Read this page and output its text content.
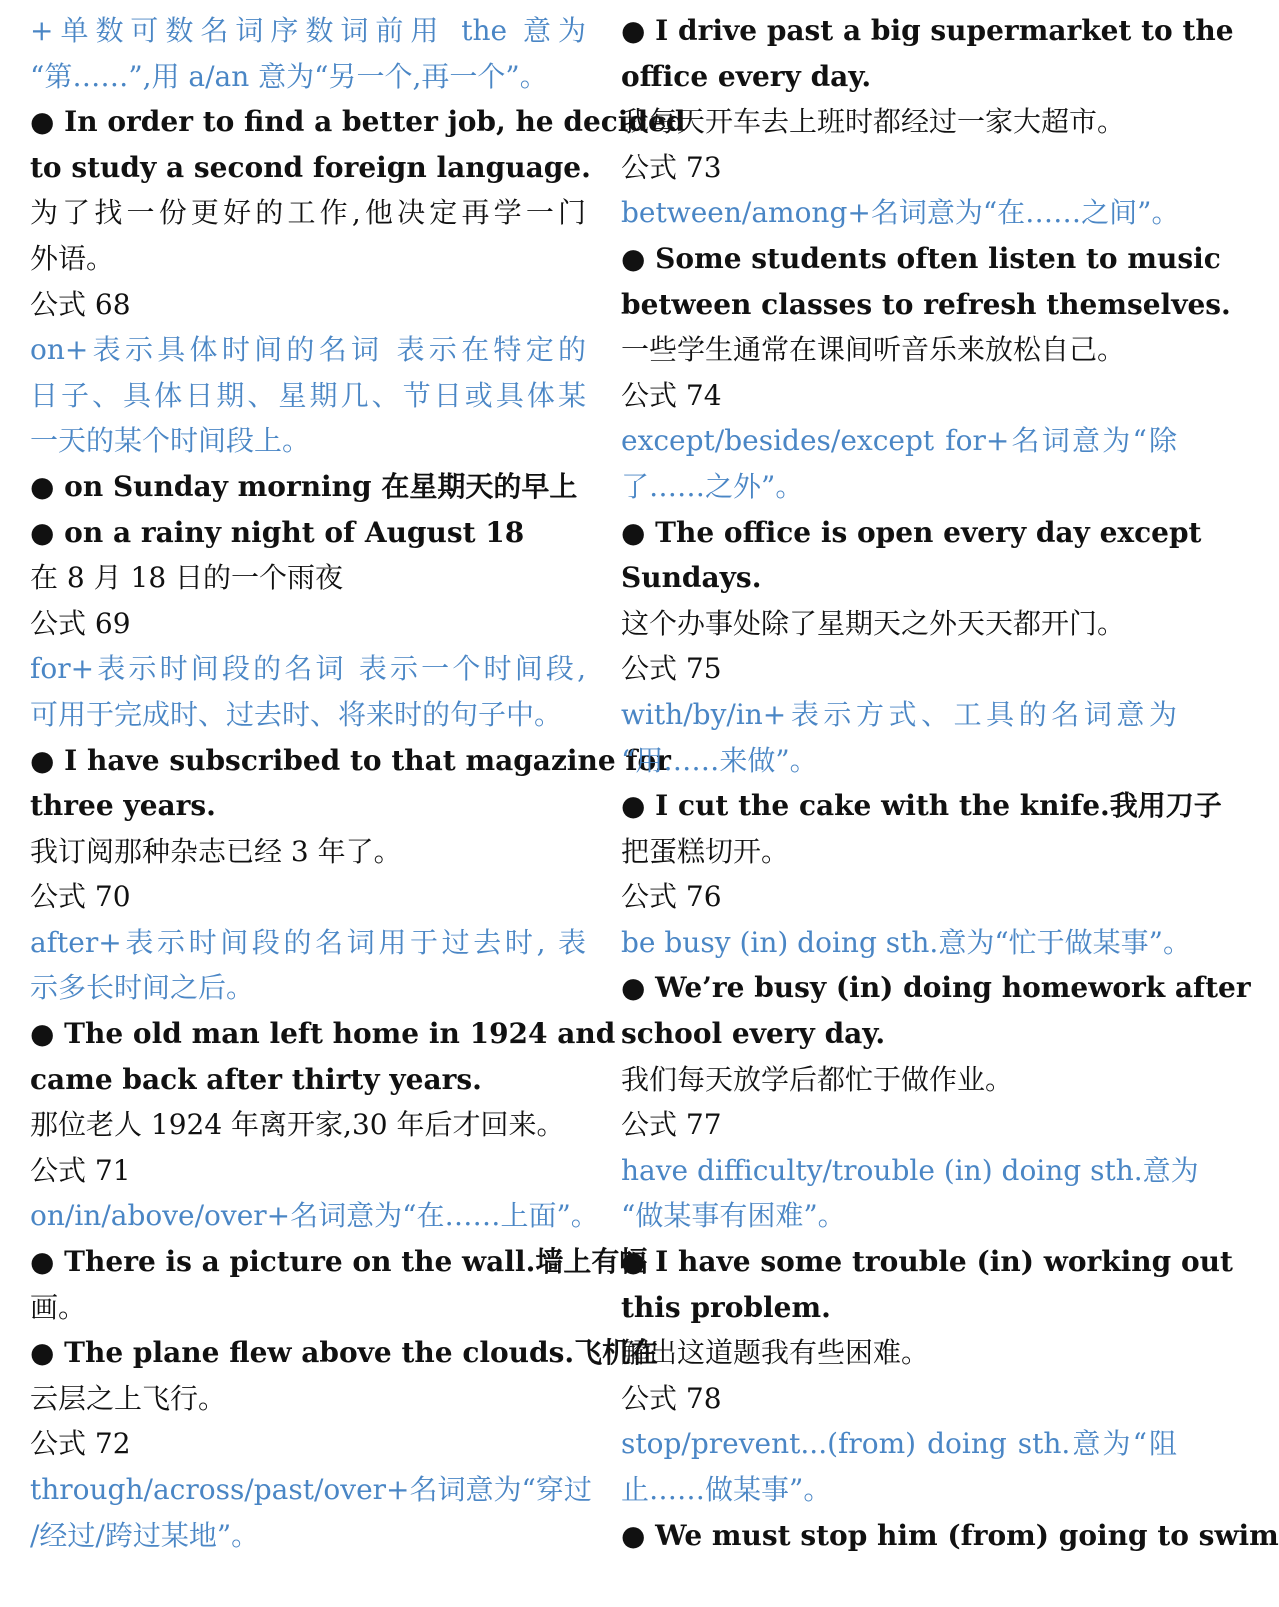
+单数可数名词序数词前用 the 意为
“第……”,用 a/an 意为“另一个,再一个”。
● In order to find a better job, he decided
to study a second foreign language.
为了找一份更好的工作,他决定再学一门
外语。
公式 68
on+表示具体时间的名词 表示在特定的
日子、具体日期、星期几、节日或具体某
一天的某个时间段上。
● on Sunday morning 在星期天的早上
● on a rainy night of August 18
在 8 月 18 日的一个雨夜
公式 69
for+表示时间段的名词 表示一个时间段,
可用于完成时、过去时、将来时的句子中。
● I have subscribed to that magazine for
three years.
我订阅那种杂志已经 3 年了。
公式 70
after+表示时间段的名词用于过去时, 表
示多长时间之后。
● The old man left home in 1924 and
came back after thirty years.
那位老人 1924 年离开家,30 年后才回来。
公式 71
on/in/above/over+名词意为“在……上面”。
● There is a picture on the wall.墙上有幅
画。
● The plane flew above the clouds.飞机在
云层之上飞行。
公式 72
through/across/past/over+名词意为“穿过
/经过/跨过某地”。
● I drive past a big supermarket to the
office every day.
我每天开车去上班时都经过一家大超市。
公式 73
between/among+名词意为“在……之间”。
● Some students often listen to music
between classes to refresh themselves.
一些学生通常在课间听音乐来放松自己。
公式 74
except/besides/except for+名词意为“除
了……之外”。
● The office is open every day except
Sundays.
这个办事处除了星期天之外天天都开门。
公式 75
with/by/in+表示方式、工具的名词意为
“用……来做”。
● I cut the cake with the knife.我用刀子
把蛋糕切开。
公式 76
be busy (in) doing sth.意为“忙于做某事”。
● We’re busy (in) doing homework after
school every day.
我们每天放学后都忙于做作业。
公式 77
have difficulty/trouble (in) doing sth.意为
“做某事有困难”。
● I have some trouble (in) working out
this problem.
解出这道题我有些困难。
公式 78
stop/prevent...(from) doing sth.意为“阻
止……做某事”。
● We must stop him (from) going to swim
